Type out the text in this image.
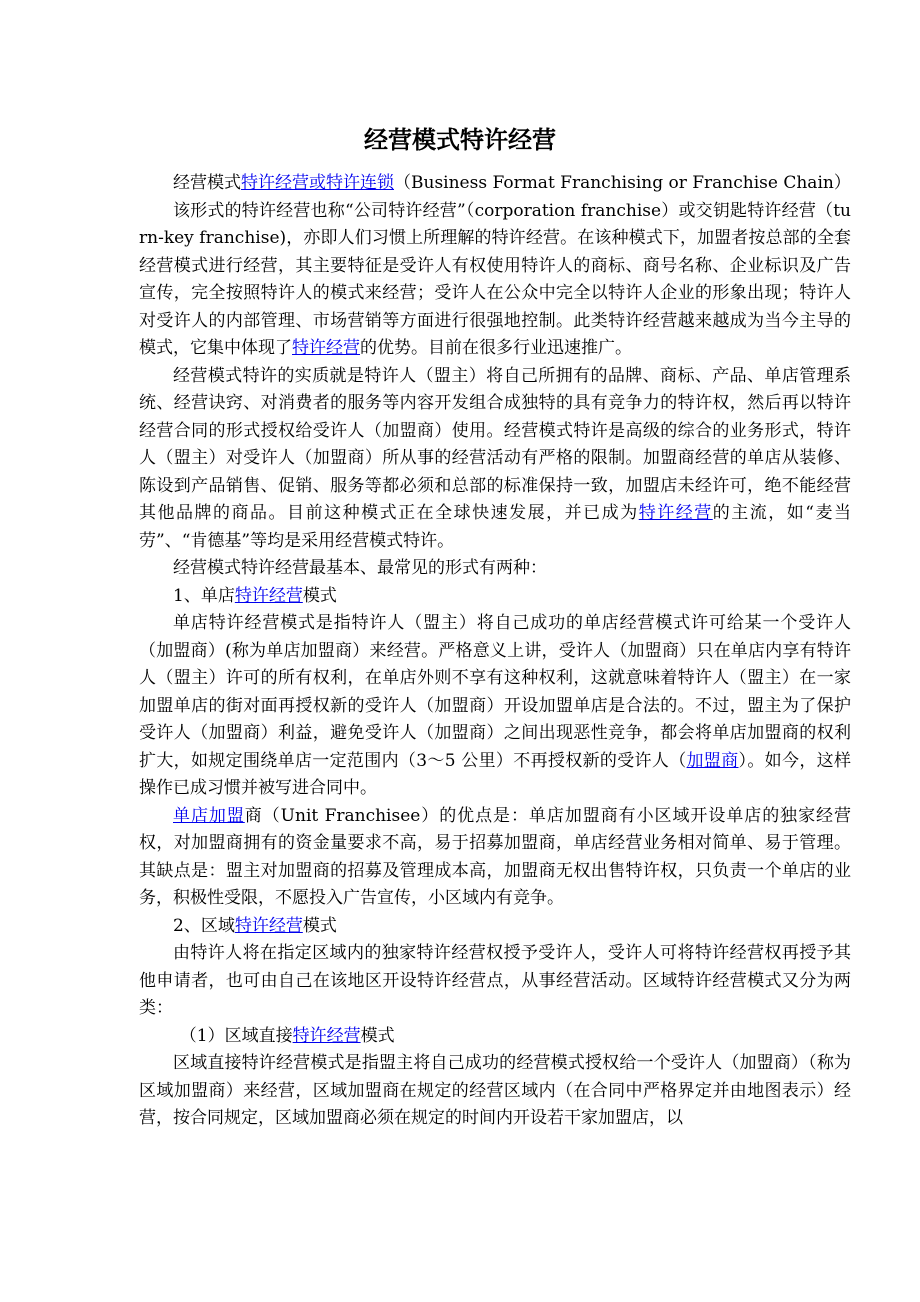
经营模式特许经营

经营模式特许经营或特许连锁（Business Format Franchising or Franchise Chain）

该形式的特许经营也称“公司特许经营”（corporation franchise）或交钥匙特许经营（turn-key franchise)，亦即人们习惯上所理解的特许经营。在该种模式下，加盟者按总部的全套经营模式进行经营，其主要特征是受许人有权使用特许人的商标、商号名称、企业标识及广告宣传，完全按照特许人的模式来经营；受许人在公众中完全以特许人企业的形象出现；特许人对受许人的内部管理、市场营销等方面进行很强地控制。此类特许经营越来越成为当今主导的模式，它集中体现了特许经营的优势。目前在很多行业迅速推广。

经营模式特许的实质就是特许人（盟主）将自己所拥有的品牌、商标、产品、单店管理系统、经营诀窍、对消费者的服务等内容开发组合成独特的具有竞争力的特许权，然后再以特许经营合同的形式授权给受许人（加盟商）使用。经营模式特许是高级的综合的业务形式，特许人（盟主）对受许人（加盟商）所从事的经营活动有严格的限制。加盟商经营的单店从装修、陈设到产品销售、促销、服务等都必须和总部的标准保持一致，加盟店未经许可，绝不能经营其他品牌的商品。目前这种模式正在全球快速发展，并已成为特许经营的主流，如“麦当劳”、“肯德基”等均是采用经营模式特许。

经营模式特许经营最基本、最常见的形式有两种：

1、单店特许经营模式

单店特许经营模式是指特许人（盟主）将自己成功的单店经营模式许可给某一个受许人（加盟商）(称为单店加盟商）来经营。严格意义上讲，受许人（加盟商）只在单店内享有特许人（盟主）许可的所有权利，在单店外则不享有这种权利，这就意味着特许人（盟主）在一家加盟单店的街对面再授权新的受许人（加盟商）开设加盟单店是合法的。不过，盟主为了保护受许人（加盟商）利益，避免受许人（加盟商）之间出现恶性竞争，都会将单店加盟商的权利扩大，如规定围绕单店一定范围内（3～5 公里）不再授权新的受许人（加盟商）。如今，这样操作已成习惯并被写进合同中。

单店加盟商（Unit Franchisee）的优点是：单店加盟商有小区域开设单店的独家经营权，对加盟商拥有的资金量要求不高，易于招募加盟商，单店经营业务相对简单、易于管理。其缺点是：盟主对加盟商的招募及管理成本高，加盟商无权出售特许权，只负责一个单店的业务，积极性受限，不愿投入广告宣传，小区域内有竞争。

2、区域特许经营模式

由特许人将在指定区域内的独家特许经营权授予受许人，受许人可将特许经营权再授予其他申请者，也可由自己在该地区开设特许经营点，从事经营活动。区域特许经营模式又分为两类：

（1）区域直接特许经营模式

区域直接特许经营模式是指盟主将自己成功的经营模式授权给一个受许人（加盟商）（称为区域加盟商）来经营，区域加盟商在规定的经营区域内（在合同中严格界定并由地图表示）经营，按合同规定，区域加盟商必须在规定的时间内开设若干家加盟店，以
